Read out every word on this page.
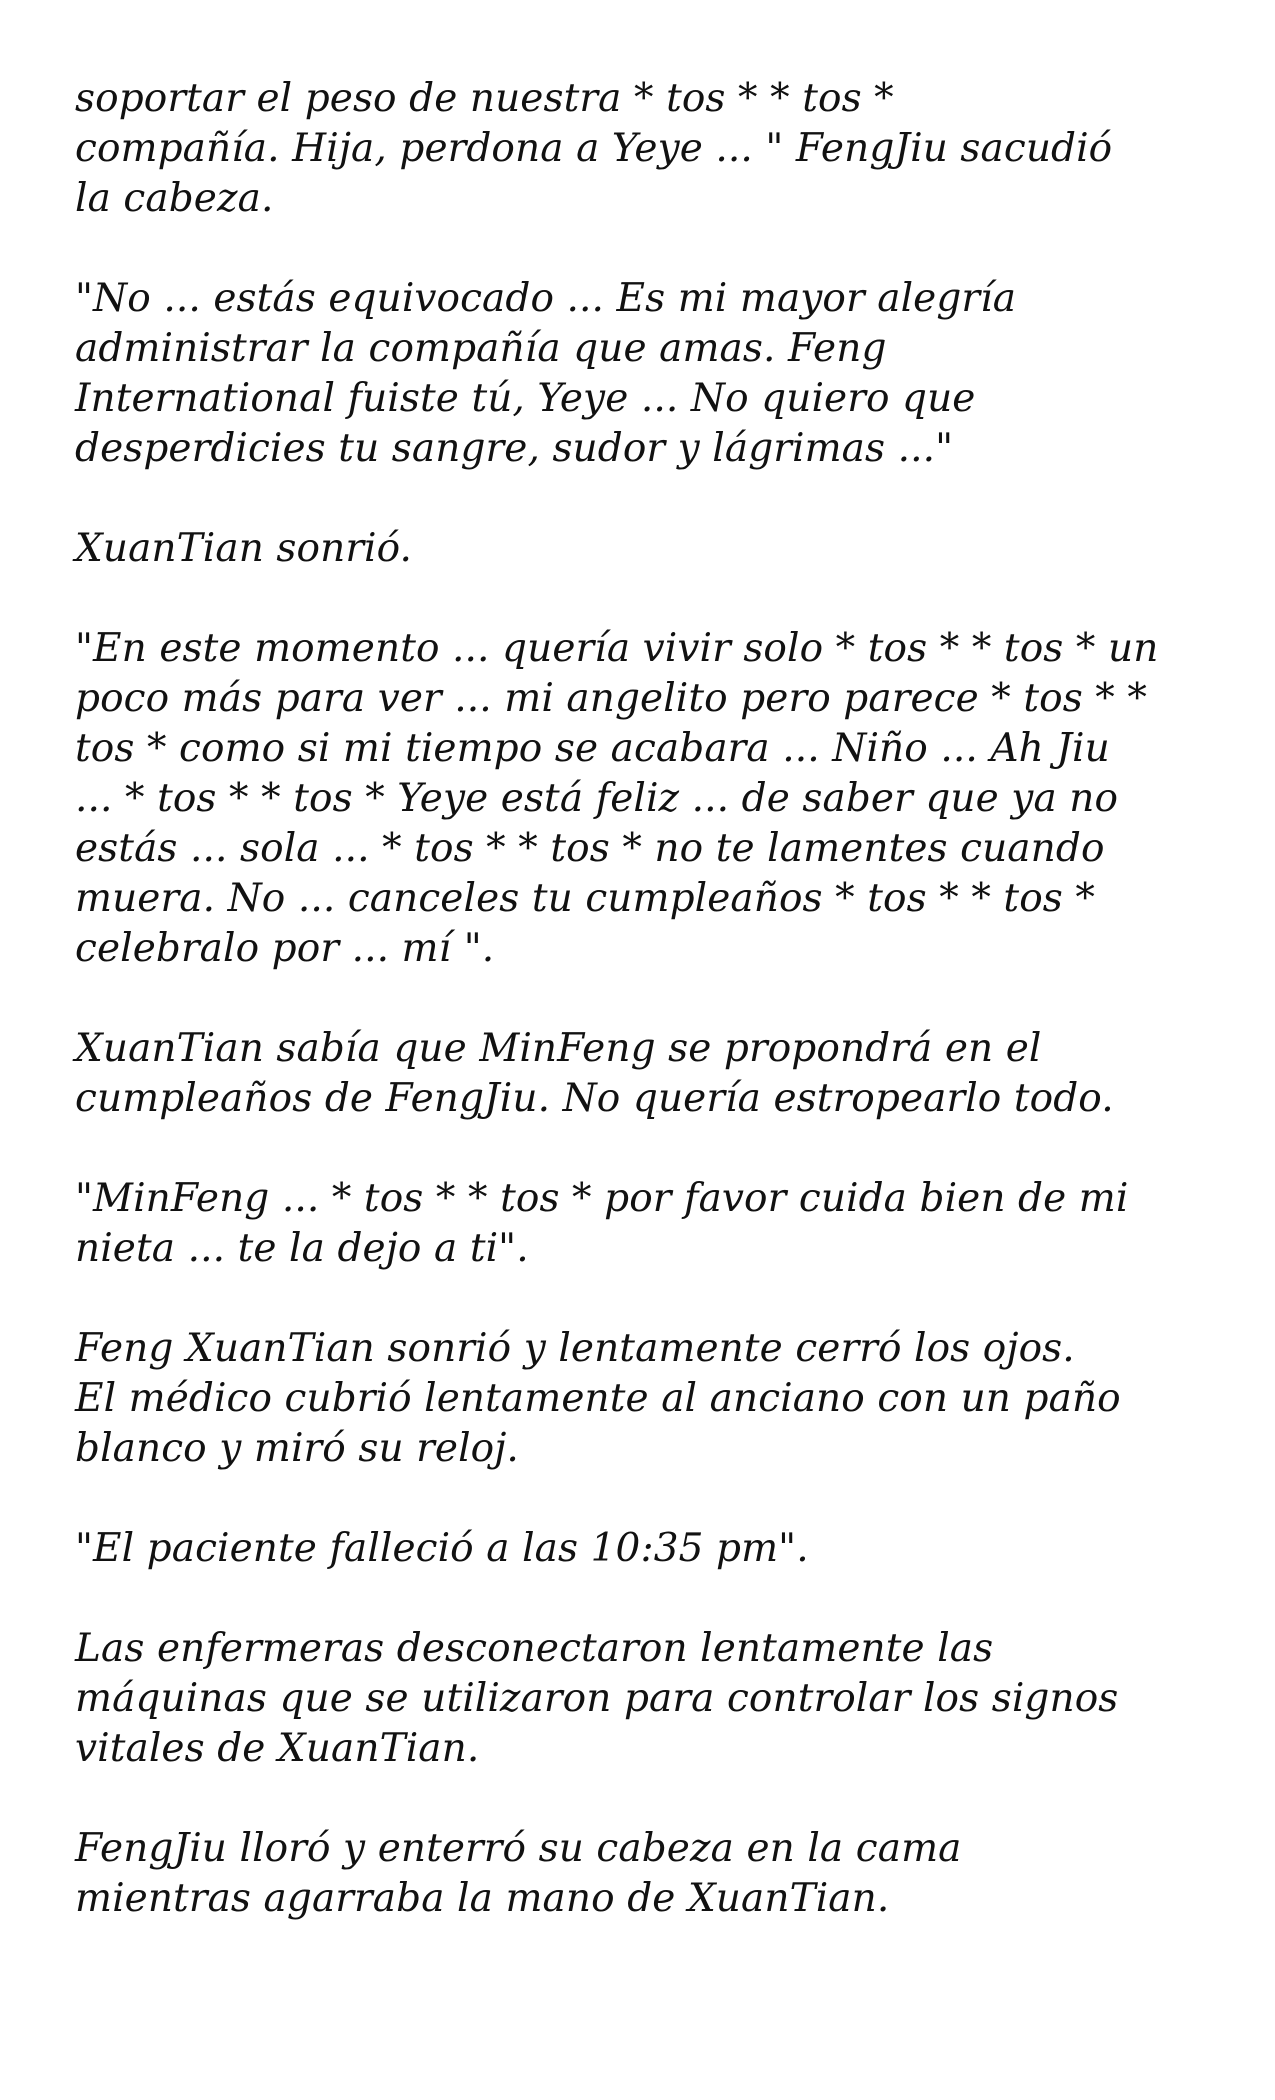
soportar el peso de nuestra * tos * * tos *
compañía. Hija, perdona a Yeye ... " FengJiu sacudió
la cabeza.

"No ... estás equivocado ... Es mi mayor alegría
administrar la compañía que amas. Feng
International fuiste tú, Yeye ... No quiero que
desperdicies tu sangre, sudor y lágrimas ..."

XuanTian sonrió.

"En este momento ... quería vivir solo * tos * * tos * un
poco más para ver ... mi angelito pero parece * tos * *
tos * como si mi tiempo se acabara ... Niño ... Ah Jiu
... * tos * * tos * Yeye está feliz ... de saber que ya no
estás ... sola ... * tos * * tos * no te lamentes cuando
muera. No ... canceles tu cumpleaños * tos * * tos *
celebralo por ... mí ".

XuanTian sabía que MinFeng se propondrá en el
cumpleaños de FengJiu. No quería estropearlo todo.

"MinFeng ... * tos * * tos * por favor cuida bien de mi
nieta ... te la dejo a ti".

Feng XuanTian sonrió y lentamente cerró los ojos.
El médico cubrió lentamente al anciano con un paño
blanco y miró su reloj.

"El paciente falleció a las 10:35 pm".

Las enfermeras desconectaron lentamente las
máquinas que se utilizaron para controlar los signos
vitales de XuanTian.

FengJiu lloró y enterró su cabeza en la cama
mientras agarraba la mano de XuanTian.
